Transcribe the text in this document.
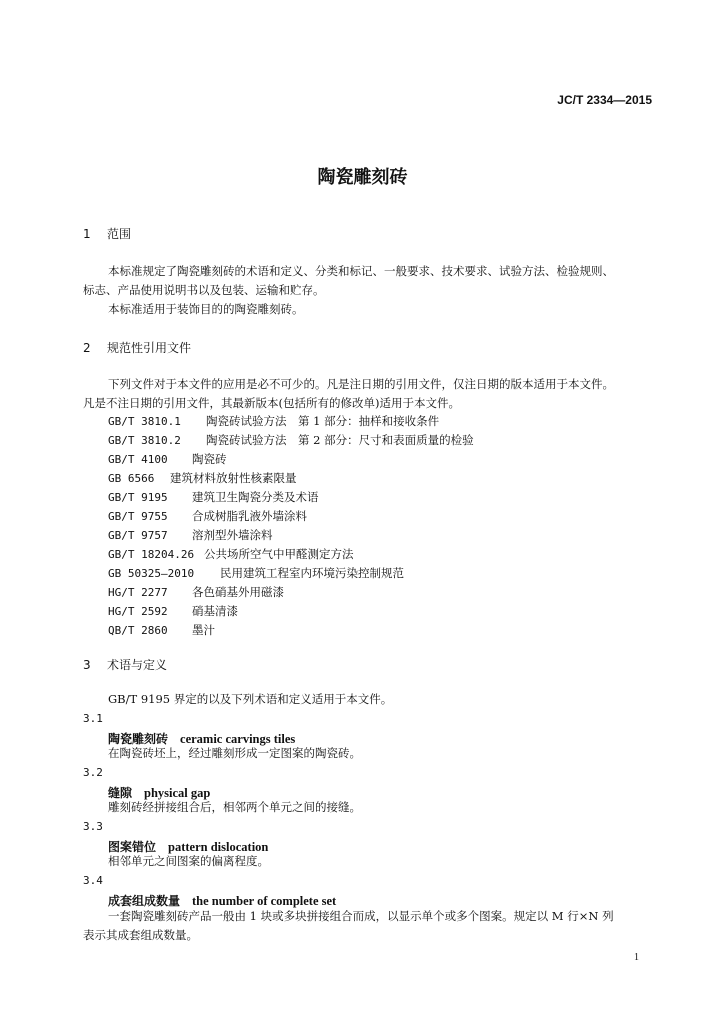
JC/T 2334—2015
陶瓷雕刻砖
1 范围
本标准规定了陶瓷雕刻砖的术语和定义、分类和标记、一般要求、技术要求、试验方法、检验规则、
标志、产品使用说明书以及包装、运输和贮存。
本标准适用于装饰目的的陶瓷雕刻砖。
2 规范性引用文件
下列文件对于本文件的应用是必不可少的。凡是注日期的引用文件，仅注日期的版本适用于本文件。
凡是不注日期的引用文件，其最新版本(包括所有的修改单)适用于本文件。
GB/T 3810.1 陶瓷砖试验方法　第 1 部分：抽样和接收条件
GB/T 3810.2 陶瓷砖试验方法　第 2 部分：尺寸和表面质量的检验
GB/T 4100 陶瓷砖
GB 6566 建筑材料放射性核素限量
GB/T 9195 建筑卫生陶瓷分类及术语
GB/T 9755 合成树脂乳液外墙涂料
GB/T 9757 溶剂型外墙涂料
GB/T 18204.26 公共场所空气中甲醛测定方法
GB 50325—2010 民用建筑工程室内环境污染控制规范
HG/T 2277 各色硝基外用磁漆
HG/T 2592 硝基清漆
QB/T 2860 墨汁
3 术语与定义
GB/T 9195 界定的以及下列术语和定义适用于本文件。
3.1
陶瓷雕刻砖 ceramic carvings tiles
在陶瓷砖坯上，经过雕刻形成一定图案的陶瓷砖。
3.2
缝隙 physical gap
雕刻砖经拼接组合后，相邻两个单元之间的接缝。
3.3
图案错位 pattern dislocation
相邻单元之间图案的偏离程度。
3.4
成套组成数量 the number of complete set
一套陶瓷雕刻砖产品一般由 1 块或多块拼接组合而成，以显示单个或多个图案。规定以 M 行×N 列
表示其成套组成数量。
1
